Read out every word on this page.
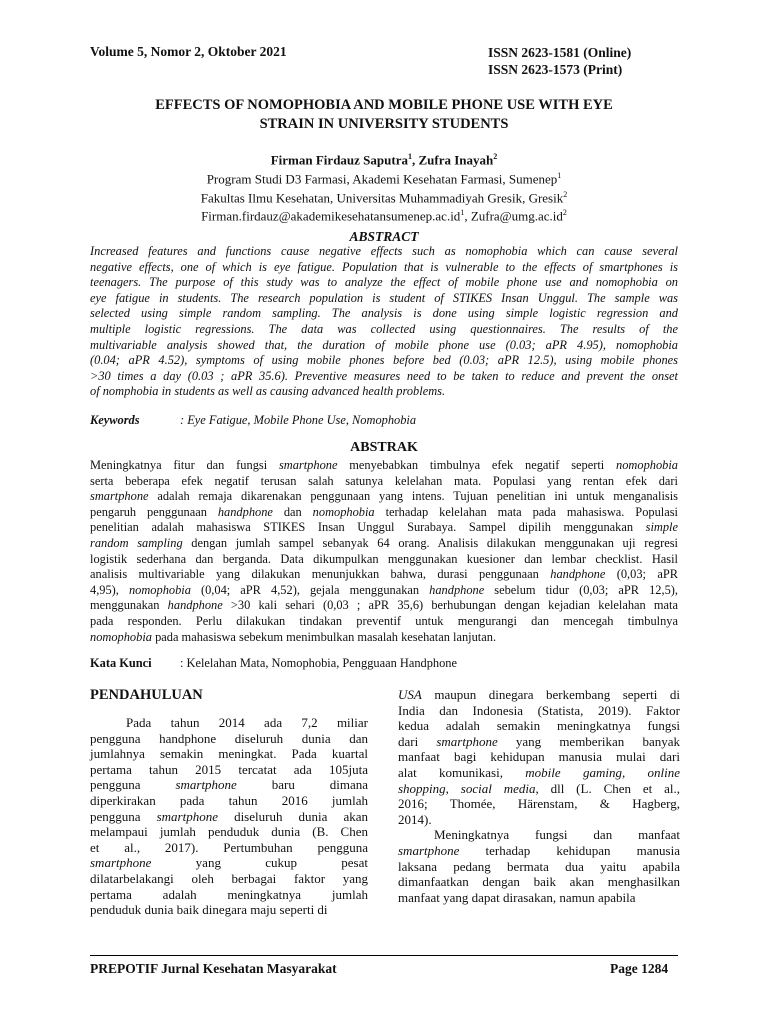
Volume 5, Nomor 2, Oktober 2021	ISSN 2623-1581 (Online)
ISSN 2623-1573 (Print)
EFFECTS OF NOMOPHOBIA AND MOBILE PHONE USE WITH EYE
STRAIN IN UNIVERSITY STUDENTS
Firman Firdauz Saputra$^1$, Zufra Inayah$^2$
Program Studi D3 Farmasi, Akademi Kesehatan Farmasi, Sumenep$^1$
Fakultas Ilmu Kesehatan, Universitas Muhammadiyah Gresik, Gresik$^2$
$Firman.firdauz@akademikesehatansumenep.ac.id^1$, $Zufra@umg.ac.id^2$
ABSTRACT
Increased features and functions cause negative effects such as nomophobia which can cause several
negative effects, one of which is eye fatigue. Population that is vulnerable to the effects of smartphones is
teenagers. The purpose of this study was to analyze the effect of mobile phone use and nomophobia on
eye fatigue in students. The research population is student of STIKES Insan Unggul. The sample was
selected using simple random sampling. The analysis is done using simple logistic regression and
multiple logistic regressions. The data was collected using questionnaires. The results of the
multivariable analysis showed that, the duration of mobile phone use (0.03; aPR 4.95), nomophobia
(0.04; aPR 4.52), symptoms of using mobile phones before bed (0.03; aPR 12.5), using mobile phones
>30 times a day (0.03 ; aPR 35.6). Preventive measures need to be taken to reduce and prevent the onset
of nomphobia in students as well as causing advanced health problems.
Keywords	: Eye Fatigue, Mobile Phone Use, Nomophobia
ABSTRAK
Meningkatnya fitur dan fungsi smartphone menyebabkan timbulnya efek negatif seperti nomophobia
serta beberapa efek negatif terusan salah satunya kelelahan mata. Populasi yang rentan efek dari
smartphone adalah remaja dikarenakan penggunaan yang intens. Tujuan penelitian ini untuk menganalisis
pengaruh penggunaan handphone dan nomophobia terhadap kelelahan mata pada mahasiswa. Populasi
penelitian adalah mahasiswa STIKES Insan Unggul Surabaya. Sampel dipilih menggunakan simple
random sampling dengan jumlah sampel sebanyak 64 orang. Analisis dilakukan menggunakan uji regresi
logistik sederhana dan berganda. Data dikumpulkan menggunakan kuesioner dan lembar checklist. Hasil
analisis multivariable yang dilakukan menunjukkan bahwa, durasi penggunaan handphone (0,03; aPR
4,95), nomophobia (0,04; aPR 4,52), gejala menggunakan handphone sebelum tidur (0,03; aPR 12,5),
menggunakan handphone >30 kali sehari (0,03 ; aPR 35,6) berhubungan dengan kejadian kelelahan mata
pada responden. Perlu dilakukan tindakan preventif untuk mengurangi dan mencegah timbulnya
nomophobia pada mahasiswa sebekum menimbulkan masalah kesehatan lanjutan.
Kata Kunci : Kelelahan Mata, Nomophobia, Pengguaan Handphone
PENDAHULUAN
Pada tahun 2014 ada 7,2 miliar
pengguna handphone diseluruh dunia dan
jumlahnya semakin meningkat. Pada kuartal
pertama tahun 2015 tercatat ada 105juta
pengguna smartphone baru dimana
diperkirakan pada tahun 2016 jumlah
pengguna smartphone diseluruh dunia akan
melampaui jumlah penduduk dunia (B. Chen
et al., 2017). Pertumbuhan pengguna
smartphone yang cukup pesat
dilatarbelakangi oleh berbagai faktor yang
pertama adalah meningkatnya jumlah
penduduk dunia baik dinegara maju seperti di
USA maupun dinegara berkembang seperti di
India dan Indonesia (Statista, 2019). Faktor
kedua adalah semakin meningkatnya fungsi
dari smartphone yang memberikan banyak
manfaat bagi kehidupan manusia mulai dari
alat komunikasi, mobile gaming, online
shopping, social media, dll (L. Chen et al.,
2016; Thomée, Härenstam, & Hagberg,
2014).
Meningkatnya fungsi dan manfaat
smartphone terhadap kehidupan manusia
laksana pedang bermata dua yaitu apabila
dimanfaatkan dengan baik akan menghasilkan
manfaat yang dapat dirasakan, namun apabila
PREPOTIF Jurnal Kesehatan Masyarakat	Page 1284
